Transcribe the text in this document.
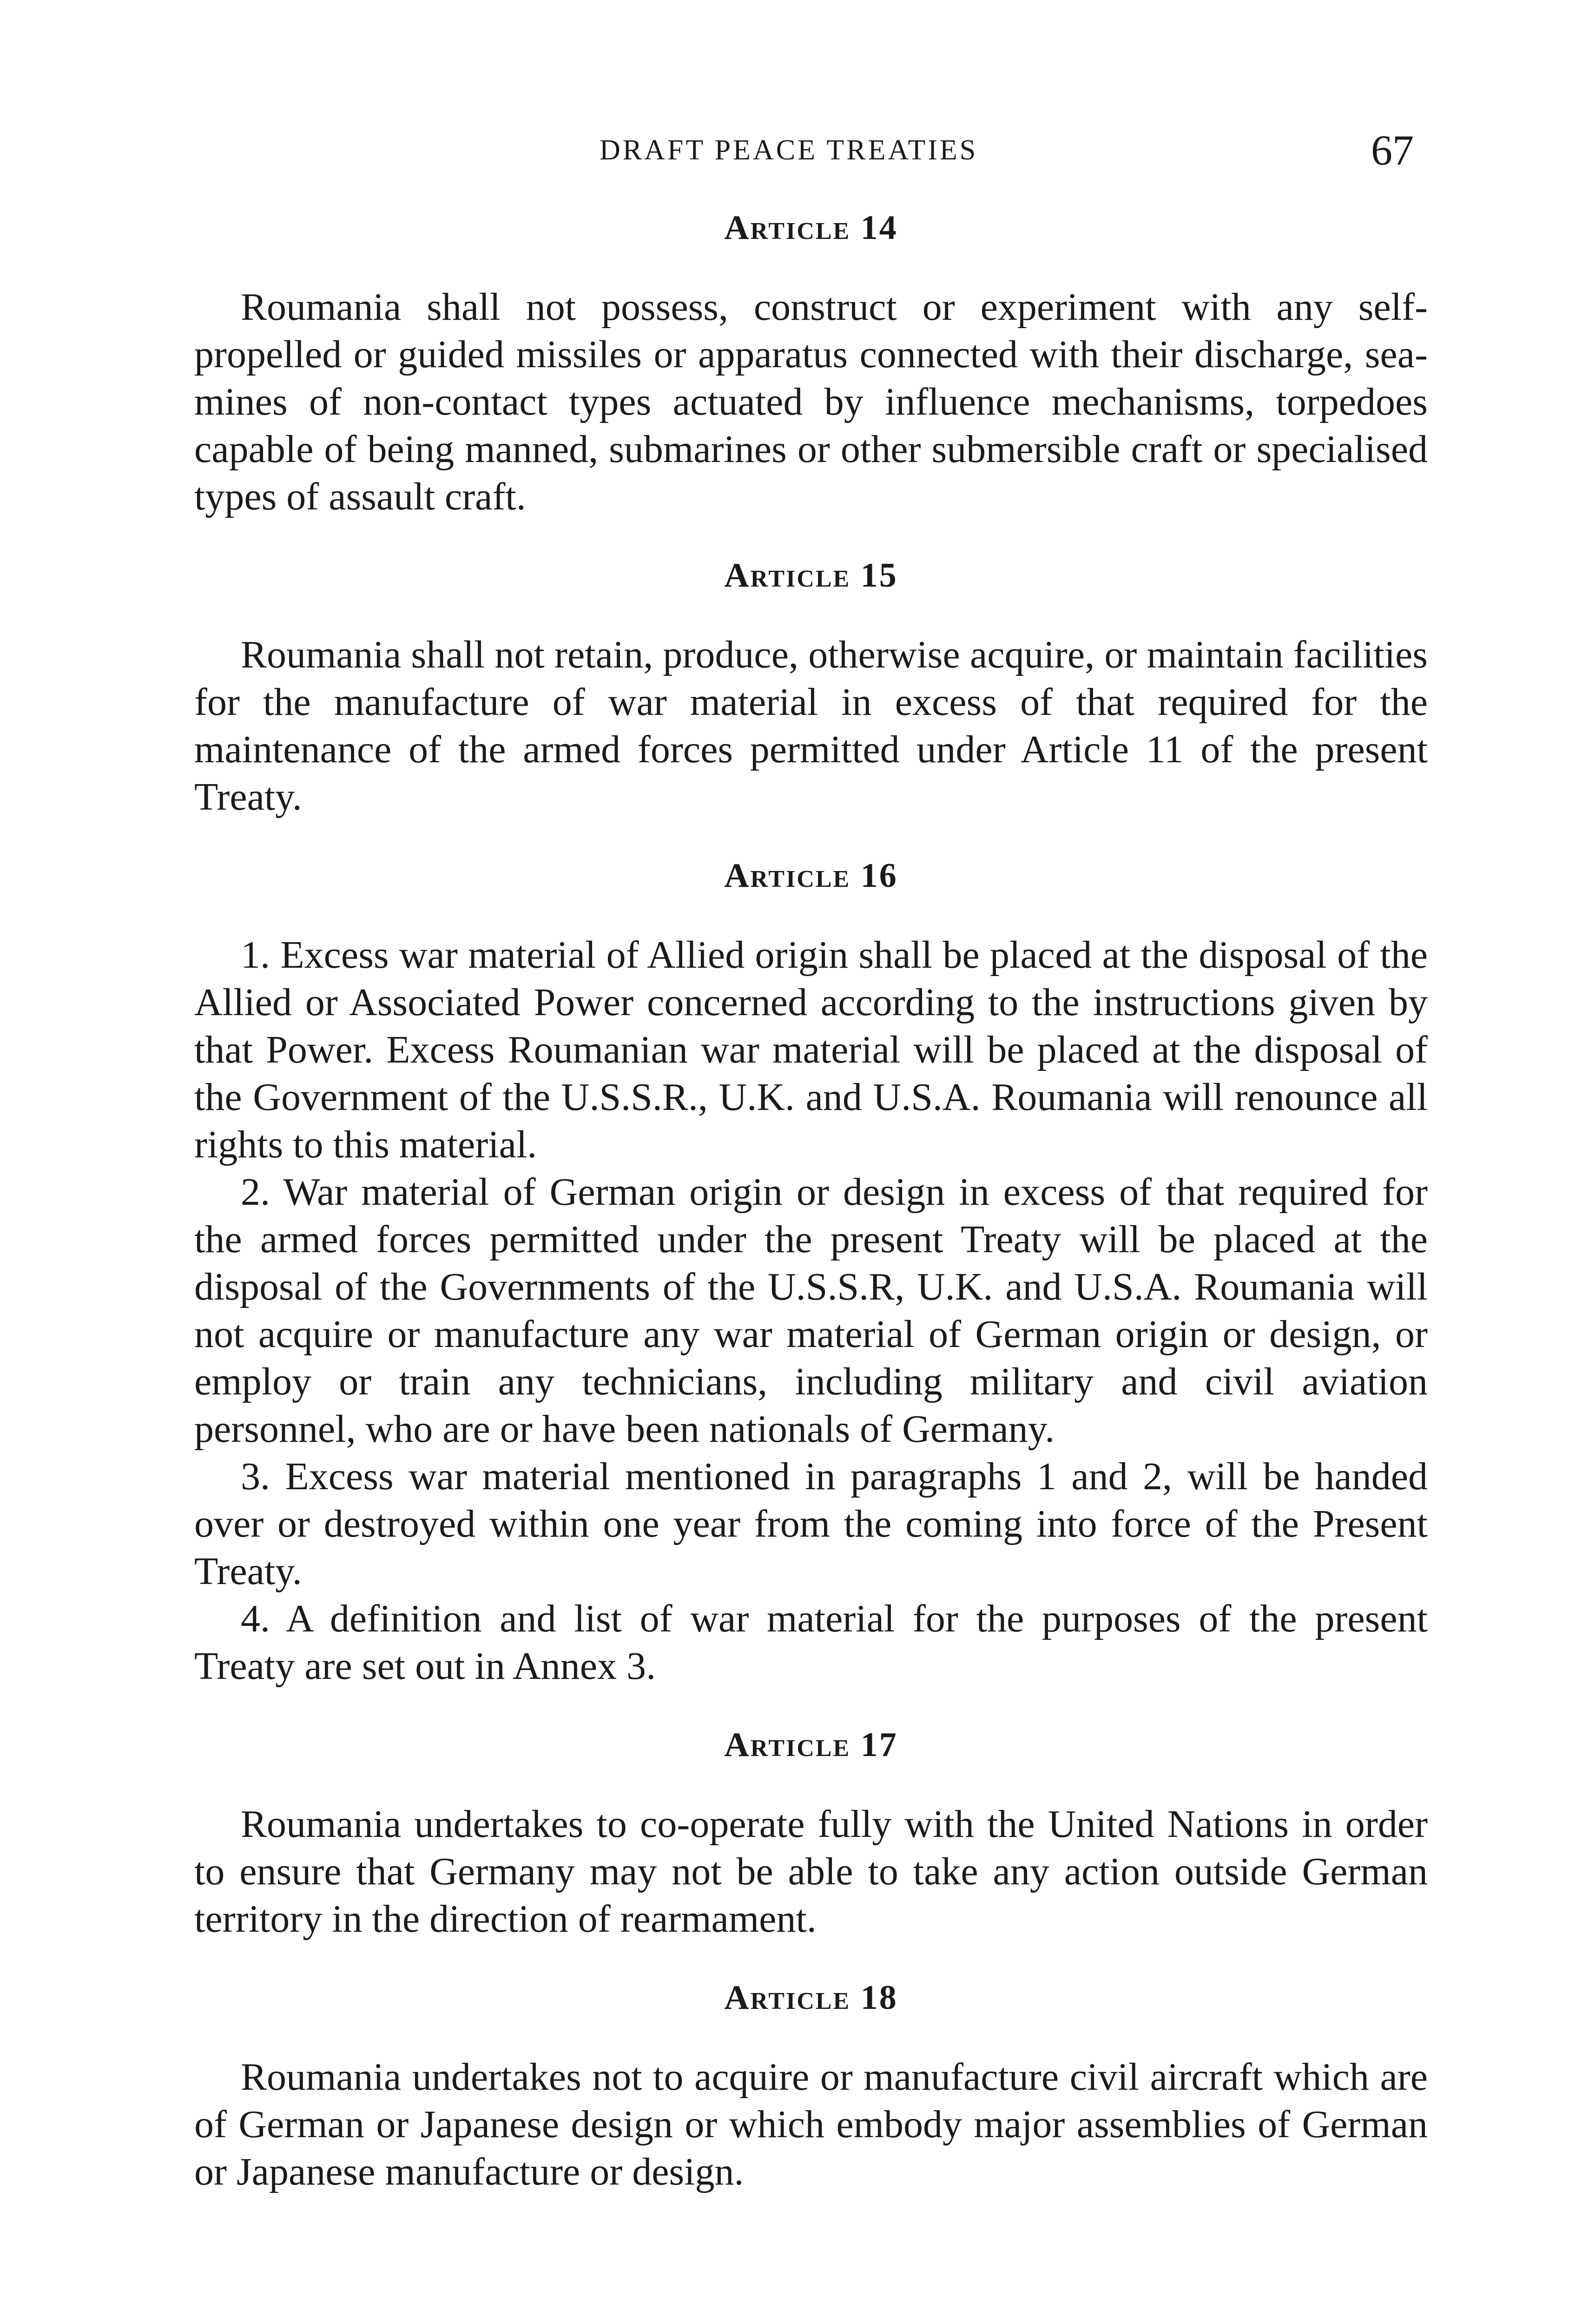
DRAFT PEACE TREATIES	67
Article 14

Roumania shall not possess, construct or experiment with any self-propelled or guided missiles or apparatus connected with their discharge, sea-mines of non-contact types actuated by influence mechanisms, torpedoes capable of being manned, submarines or other submersible craft or specialised types of assault craft.

Article 15

Roumania shall not retain, produce, otherwise acquire, or maintain facilities for the manufacture of war material in excess of that required for the maintenance of the armed forces permitted under Article 11 of the present Treaty.

Article 16

1. Excess war material of Allied origin shall be placed at the disposal of the Allied or Associated Power concerned according to the instructions given by that Power. Excess Roumanian war material will be placed at the disposal of the Government of the U.S.S.R., U.K. and U.S.A. Roumania will renounce all rights to this material.

2. War material of German origin or design in excess of that required for the armed forces permitted under the present Treaty will be placed at the disposal of the Governments of the U.S.S.R, U.K. and U.S.A. Roumania will not acquire or manufacture any war material of German origin or design, or employ or train any technicians, including military and civil aviation personnel, who are or have been nationals of Germany.

3. Excess war material mentioned in paragraphs 1 and 2, will be handed over or destroyed within one year from the coming into force of the Present Treaty.

4. A definition and list of war material for the purposes of the present Treaty are set out in Annex 3.

Article 17

Roumania undertakes to co-operate fully with the United Nations in order to ensure that Germany may not be able to take any action outside German territory in the direction of rearmament.

Article 18

Roumania undertakes not to acquire or manufacture civil aircraft which are of German or Japanese design or which embody major assemblies of German or Japanese manufacture or design.
